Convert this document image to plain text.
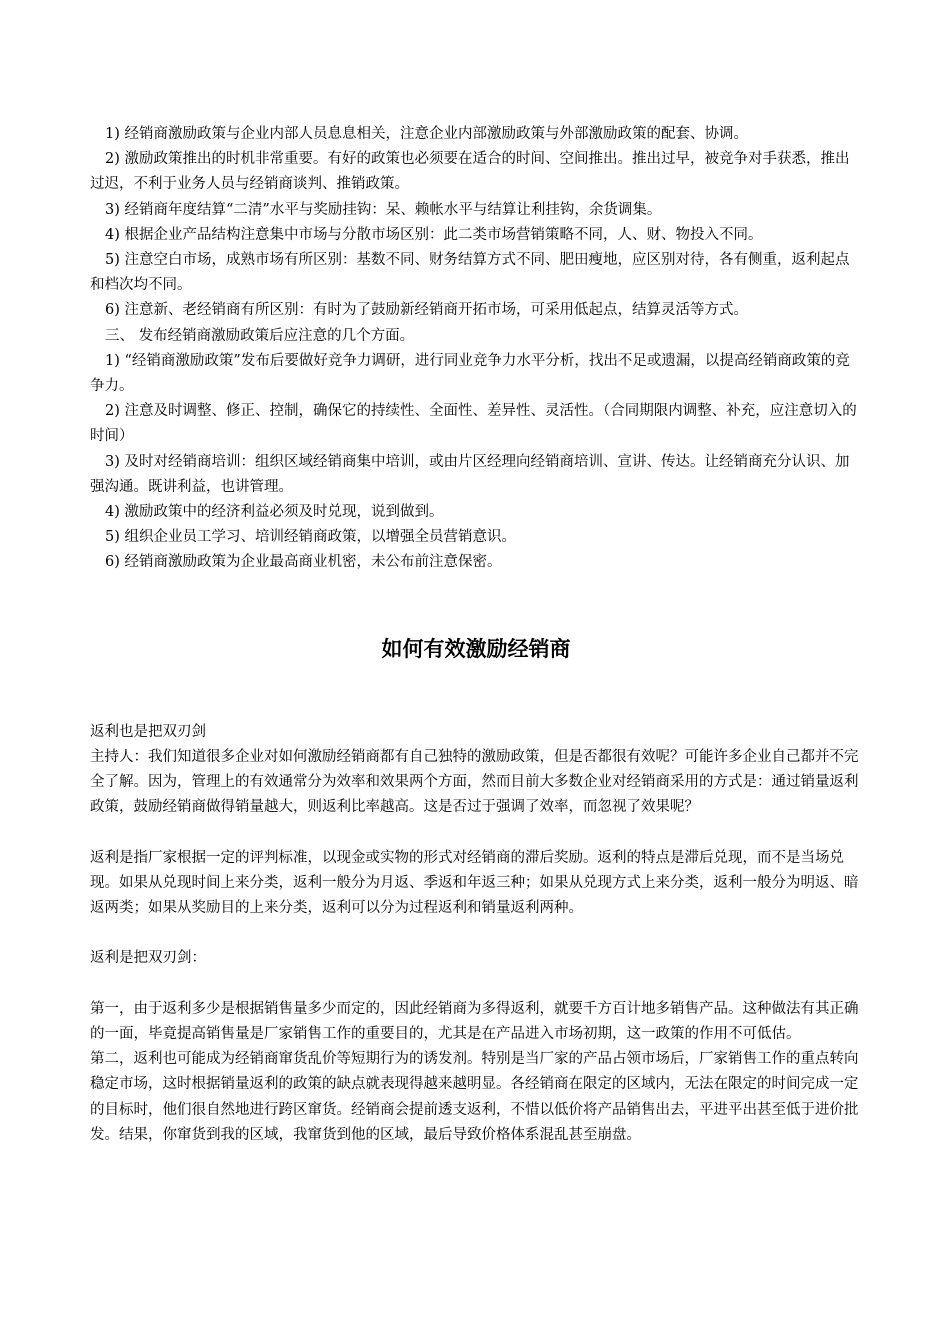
1) 经销商激励政策与企业内部人员息息相关，注意企业内部激励政策与外部激励政策的配套、协调。

2) 激励政策推出的时机非常重要。有好的政策也必须要在适合的时间、空间推出。推出过早，被竞争对手获悉，推出过迟，不利于业务人员与经销商谈判、推销政策。

3) 经销商年度结算“二清”水平与奖励挂钩：呆、赖帐水平与结算让利挂钩，余货调集。

4) 根据企业产品结构注意集中市场与分散市场区别：此二类市场营销策略不同，人、财、物投入不同。

5) 注意空白市场，成熟市场有所区别：基数不同、财务结算方式不同、肥田瘦地，应区别对待，各有侧重，返利起点和档次均不同。

6) 注意新、老经销商有所区别：有时为了鼓励新经销商开拓市场，可采用低起点，结算灵活等方式。

三、 发布经销商激励政策后应注意的几个方面。

1) “经销商激励政策”发布后要做好竞争力调研，进行同业竞争力水平分析，找出不足或遗漏，以提高经销商政策的竞争力。

2) 注意及时调整、修正、控制，确保它的持续性、全面性、差异性、灵活性。（合同期限内调整、补充，应注意切入的时间）

3) 及时对经销商培训：组织区域经销商集中培训，或由片区经理向经销商培训、宣讲、传达。让经销商充分认识、加强沟通。既讲利益，也讲管理。

4) 激励政策中的经济利益必须及时兑现，说到做到。

5) 组织企业员工学习、培训经销商政策，以增强全员营销意识。

6) 经销商激励政策为企业最高商业机密，未公布前注意保密。

如何有效激励经销商

返利也是把双刃剑

主持人：我们知道很多企业对如何激励经销商都有自己独特的激励政策，但是否都很有效呢？可能许多企业自己都并不完全了解。因为，管理上的有效通常分为效率和效果两个方面，然而目前大多数企业对经销商采用的方式是：通过销量返利政策，鼓励经销商做得销量越大，则返利比率越高。这是否过于强调了效率，而忽视了效果呢？

返利是指厂家根据一定的评判标准，以现金或实物的形式对经销商的滞后奖励。返利的特点是滞后兑现，而不是当场兑现。如果从兑现时间上来分类，返利一般分为月返、季返和年返三种；如果从兑现方式上来分类，返利一般分为明返、暗返两类；如果从奖励目的上来分类，返利可以分为过程返利和销量返利两种。

返利是把双刃剑：

第一，由于返利多少是根据销售量多少而定的，因此经销商为多得返利，就要千方百计地多销售产品。这种做法有其正确的一面，毕竟提高销售量是厂家销售工作的重要目的，尤其是在产品进入市场初期，这一政策的作用不可低估。

第二，返利也可能成为经销商窜货乱价等短期行为的诱发剂。特别是当厂家的产品占领市场后，厂家销售工作的重点转向稳定市场，这时根据销量返利的政策的缺点就表现得越来越明显。各经销商在限定的区域内，无法在限定的时间完成一定的目标时，他们很自然地进行跨区窜货。经销商会提前透支返利，不惜以低价将产品销售出去，平进平出甚至低于进价批发。结果，你窜货到我的区域，我窜货到他的区域，最后导致价格体系混乱甚至崩盘。
